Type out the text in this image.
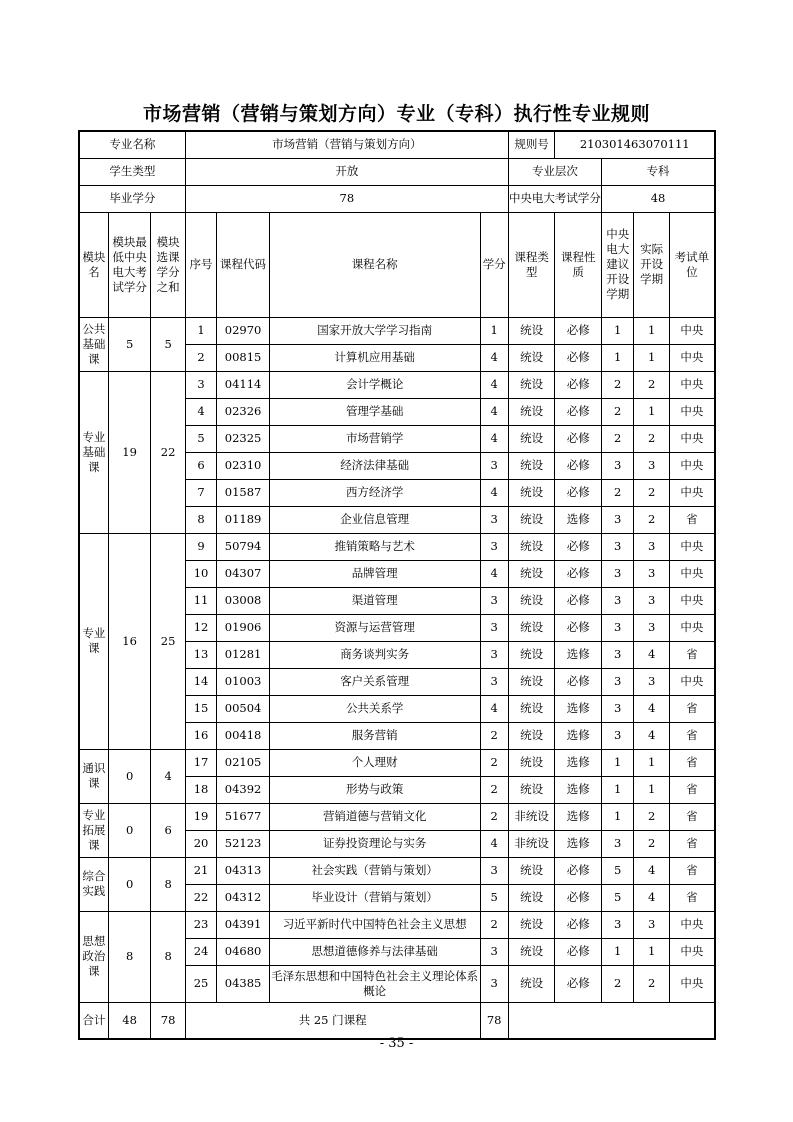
市场营销（营销与策划方向）专业（专科）执行性专业规则
专业名称			市场营销（营销与策划方向）				规则号	210301463070111			
学生类型			开放				专业层次		专科		
毕业学分			78				中央电大考试学分		48		
模块名	模块最低中央电大考试学分	模块选课学分之和	序号	课程代码	课程名称	学分	课程类型	课程性质	中央电大建议开设学期	实际开设学期	考试单位
公共基础课	5	5	1	02970	国家开放大学学习指南	1	统设	必修	1	1	中央
			2	00815	计算机应用基础	4	统设	必修	1	1	中央
专业基础课	19	22	3	04114	会计学概论	4	统设	必修	2	2	中央
			4	02326	管理学基础	4	统设	必修	2	1	中央
			5	02325	市场营销学	4	统设	必修	2	2	中央
			6	02310	经济法律基础	3	统设	必修	3	3	中央
			7	01587	西方经济学	4	统设	必修	2	2	中央
			8	01189	企业信息管理	3	统设	选修	3	2	省
专业课	16	25	9	50794	推销策略与艺术	3	统设	必修	3	3	中央
			10	04307	品牌管理	4	统设	必修	3	3	中央
			11	03008	渠道管理	3	统设	必修	3	3	中央
			12	01906	资源与运营管理	3	统设	必修	3	3	中央
			13	01281	商务谈判实务	3	统设	选修	3	4	省
			14	01003	客户关系管理	3	统设	必修	3	3	中央
			15	00504	公共关系学	4	统设	选修	3	4	省
			16	00418	服务营销	2	统设	选修	3	4	省
通识课	0	4	17	02105	个人理财	2	统设	选修	1	1	省
			18	04392	形势与政策	2	统设	选修	1	1	省
专业拓展课	0	6	19	51677	营销道德与营销文化	2	非统设	选修	1	2	省
			20	52123	证券投资理论与实务	4	非统设	选修	3	2	省
综合实践	0	8	21	04313	社会实践（营销与策划）	3	统设	必修	5	4	省
			22	04312	毕业设计（营销与策划）	5	统设	必修	5	4	省
思想政治课	8	8	23	04391	习近平新时代中国特色社会主义思想	2	统设	必修	3	3	中央
			24	04680	思想道德修养与法律基础	3	统设	必修	1	1	中央
			25	04385	毛泽东思想和中国特色社会主义理论体系概论	3	统设	必修	2	2	中央
合计	48	78	共 25 门课程			78					
- 35 -
